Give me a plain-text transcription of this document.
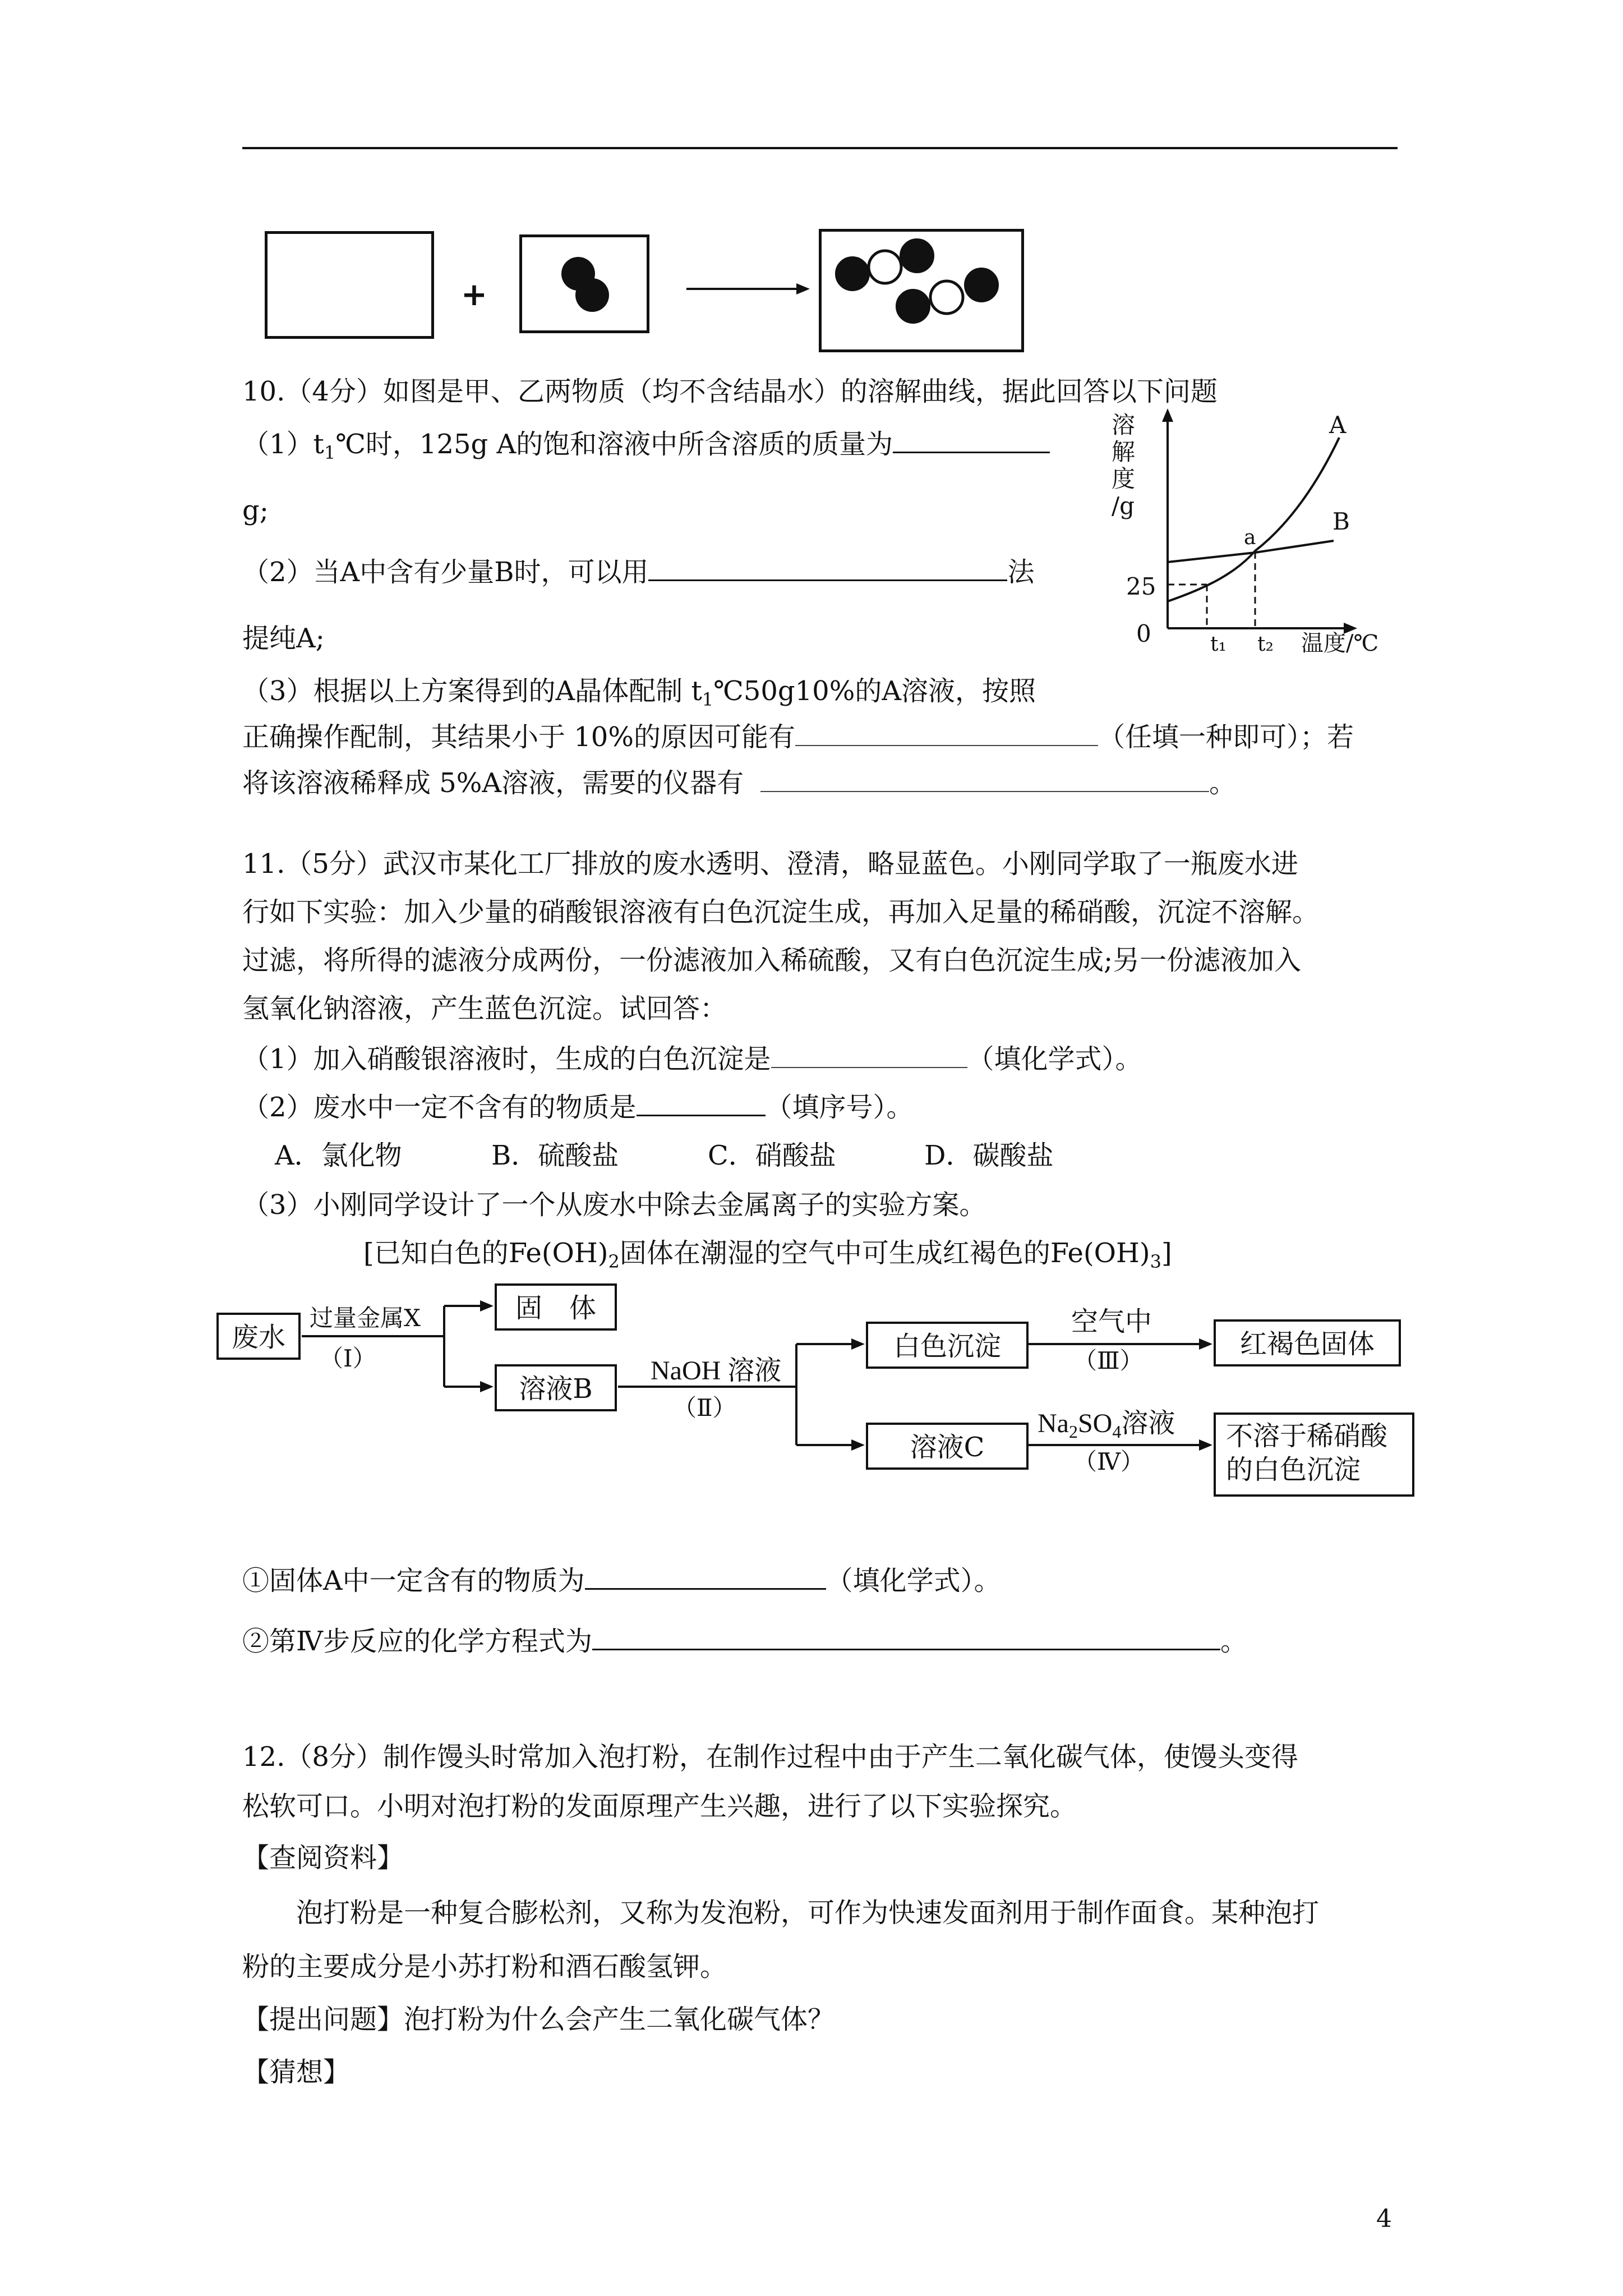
+
10.（4分）如图是甲、乙两物质（均不含结晶水）的溶解曲线，据此回答以下问题
$(1)t_1℃$时，125g A的饱和溶液中所含溶质的质量为
g;
（2）当A中含有少量B时，可以用	法
提纯A;
（3）根据以上方案得到的A晶体配制 $t_1℃50g10\%$的A溶液，按照
正确操作配制，其结果小于 10%的原因可能有	（任填一种即可）；若
将该溶液稀释成 5%A溶液，需要的仪器有	。
溶
解
度
/g
25
0	t₁ t₂ 温度/℃
A
B
a
11.（5分）武汉市某化工厂排放的废水透明、澄清，略显蓝色。小刚同学取了一瓶废水进
行如下实验：加入少量的硝酸银溶液有白色沉淀生成，再加入足量的稀硝酸，沉淀不溶解。
过滤，将所得的滤液分成两份，一份滤液加入稀硫酸，又有白色沉淀生成;另一份滤液加入
氢氧化钠溶液，产生蓝色沉淀。试回答：
（1）加入硝酸银溶液时，生成的白色沉淀是	（填化学式）。
（2）废水中一定不含有的物质是	（填序号）。
A．氯化物	B．硫酸盐	C．硝酸盐	D．碳酸盐
（3）小刚同学设计了一个从废水中除去金属离子的实验方案。
[已知白色的$Fe(OH)_2$固体在潮湿的空气中可生成红褐色的$Fe(OH)_3$]
废水
过量金属X
（Ⅰ）
固　体
溶液B
NaOH 溶液
（Ⅱ）
白色沉淀
空气中
（Ⅲ）
红褐色固体
溶液C
$Na_2SO_4$溶液
（Ⅳ）
不溶于稀硝酸
的白色沉淀
①固体A中一定含有的物质为	（填化学式）。
②第Ⅳ步反应的化学方程式为	。
12.（8分）制作馒头时常加入泡打粉，在制作过程中由于产生二氧化碳气体，使馒头变得
松软可口。小明对泡打粉的发面原理产生兴趣，进行了以下实验探究。
【查阅资料】
泡打粉是一种复合膨松剂，又称为发泡粉，可作为快速发面剂用于制作面食。某种泡打
粉的主要成分是小苏打粉和酒石酸氢钾。
【提出问题】泡打粉为什么会产生二氧化碳气体？
【猜想】
4
